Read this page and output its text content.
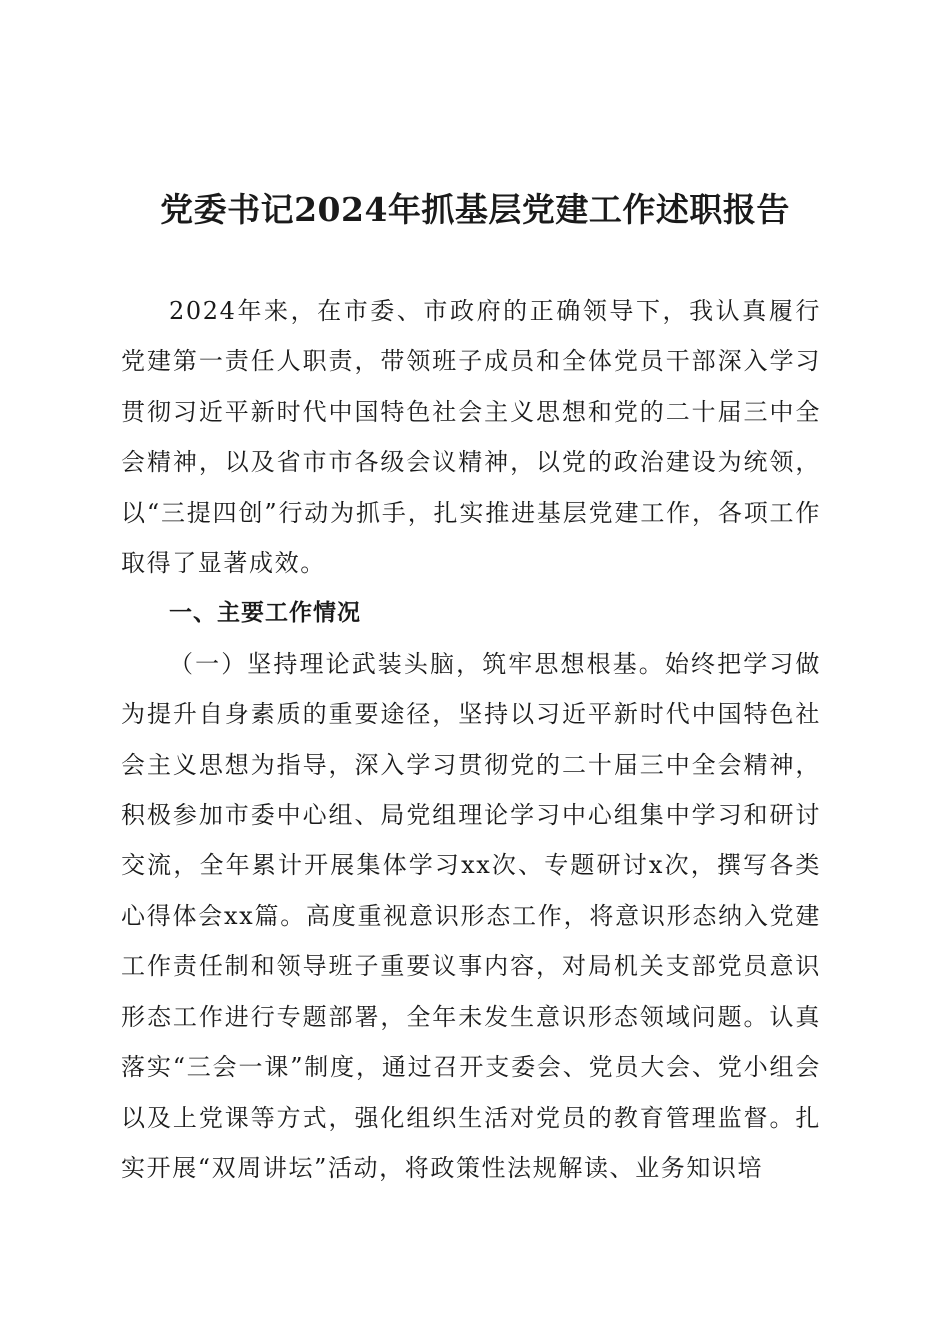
党委书记2024年抓基层党建工作述职报告

2024年来，在市委、市政府的正确领导下，我认真履行党建第一责任人职责，带领班子成员和全体党员干部深入学习贯彻习近平新时代中国特色社会主义思想和党的二十届三中全会精神，以及省市市各级会议精神，以党的政治建设为统领，以“三提四创”行动为抓手，扎实推进基层党建工作，各项工作取得了显著成效。

一、主要工作情况

（一）坚持理论武装头脑，筑牢思想根基。始终把学习做为提升自身素质的重要途径，坚持以习近平新时代中国特色社会主义思想为指导，深入学习贯彻党的二十届三中全会精神，积极参加市委中心组、局党组理论学习中心组集中学习和研讨交流，全年累计开展集体学习xx次、专题研讨x次，撰写各类心得体会xx篇。高度重视意识形态工作，将意识形态纳入党建工作责任制和领导班子重要议事内容，对局机关支部党员意识形态工作进行专题部署，全年未发生意识形态领域问题。认真落实“三会一课”制度，通过召开支委会、党员大会、党小组会以及上党课等方式，强化组织生活对党员的教育管理监督。扎实开展“双周讲坛”活动，将政策性法规解读、业务知识培
